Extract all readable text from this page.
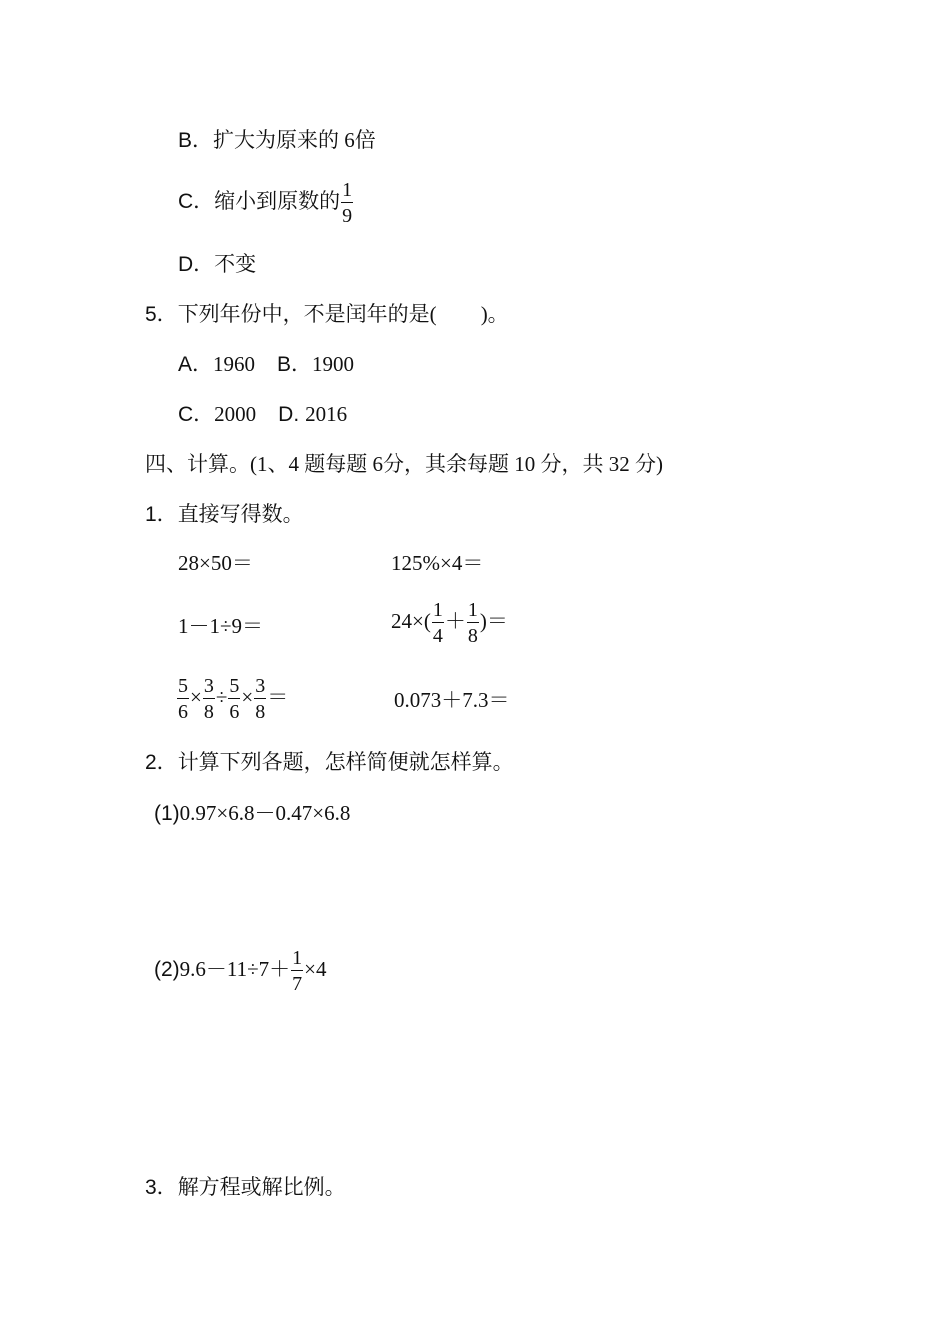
B．扩大为原来的 6倍
C．缩小到原数的 $\frac{1}{9}$
D．不变
5．下列年份中，不是闰年的是( )。
A．1960 B．1900
C．2000 D. 2016
四、计算。(1、4 题每题 6分，其余每题 10 分，共 32 分)
1．直接写得数。
28×50＝	125%×4＝
1－1÷9＝	$24\times( \frac{1}{4} + \frac{1}{8}$ )＝
$\frac{5}{6} \times \frac{3}{8} \div \frac{5}{6} \times \frac{3}{8}$ ＝	0.073＋7.3＝
2．计算下列各题，怎样简便就怎样算。
(1)0.97×6.8－0.47×6.8
$(2)9.6-11\div 7+ \frac{1}{7} \times 4$
3．解方程或解比例。
